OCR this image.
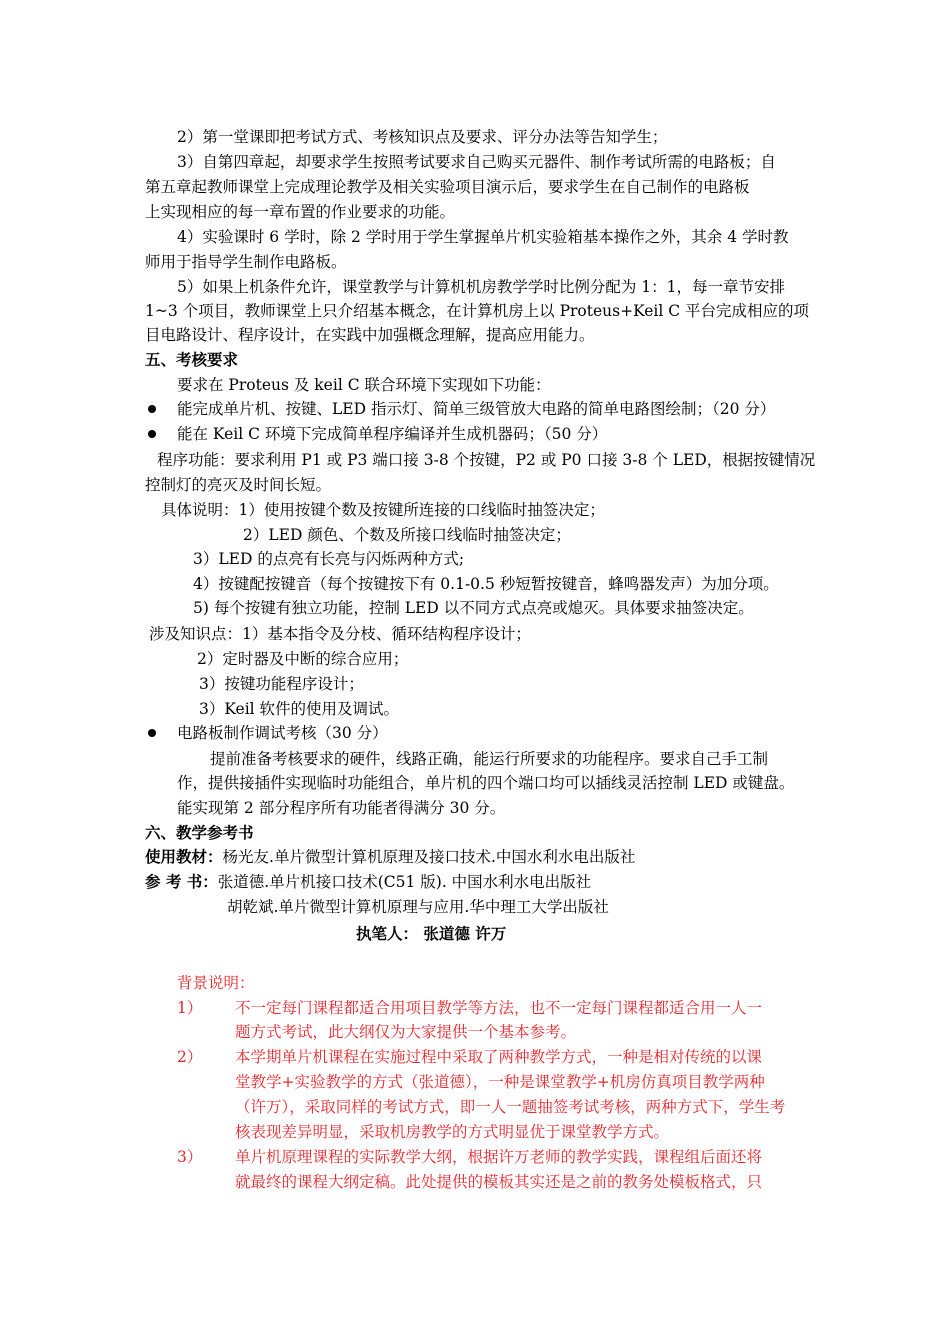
2）第一堂课即把考试方式、考核知识点及要求、评分办法等告知学生；
3）自第四章起，却要求学生按照考试要求自己购买元器件、制作考试所需的电路板；自
第五章起教师课堂上完成理论教学及相关实验项目演示后，要求学生在自己制作的电路板
上实现相应的每一章布置的作业要求的功能。
4）实验课时 6 学时，除 2 学时用于学生掌握单片机实验箱基本操作之外，其余 4 学时教
师用于指导学生制作电路板。
5）如果上机条件允许，课堂教学与计算机机房教学学时比例分配为 1：1，每一章节安排
1~3 个项目，教师课堂上只介绍基本概念，在计算机房上以 Proteus+Keil C 平台完成相应的项
目电路设计、程序设计，在实践中加强概念理解，提高应用能力。
五、考核要求
要求在 Proteus 及 keil C 联合环境下实现如下功能：
能完成单片机、按键、LED 指示灯、简单三级管放大电路的简单电路图绘制；（20 分）
能在 Keil C 环境下完成简单程序编译并生成机器码；（50 分）
程序功能：要求利用 P1 或 P3 端口接 3-8 个按键，P2 或 P0 口接 3-8 个 LED，根据按键情况
控制灯的亮灭及时间长短。
具体说明：1）使用按键个数及按键所连接的口线临时抽签决定；
2）LED 颜色、个数及所接口线临时抽签决定；
3）LED 的点亮有长亮与闪烁两种方式;
4）按键配按键音（每个按键按下有 0.1-0.5 秒短暂按键音，蜂鸣器发声）为加分项。
5) 每个按键有独立功能，控制 LED 以不同方式点亮或熄灭。具体要求抽签决定。
涉及知识点：1）基本指令及分枝、循环结构程序设计；
2）定时器及中断的综合应用；
3）按键功能程序设计；
3）Keil 软件的使用及调试。
电路板制作调试考核（30 分）
提前准备考核要求的硬件，线路正确，能运行所要求的功能程序。要求自己手工制
作，提供接插件实现临时功能组合，单片机的四个端口均可以插线灵活控制 LED 或键盘。
能实现第 2 部分程序所有功能者得满分 30 分。
六、教学参考书
使用教材：杨光友.单片微型计算机原理及接口技术.中国水利水电出版社
参 考 书：张道德.单片机接口技术(C51 版). 中国水利水电出版社
胡乾斌.单片微型计算机原理与应用.华中理工大学出版社
执笔人： 张道德 许万
背景说明：
1） 不一定每门课程都适合用项目教学等方法，也不一定每门课程都适合用一人一
题方式考试，此大纲仅为大家提供一个基本参考。
2） 本学期单片机课程在实施过程中采取了两种教学方式，一种是相对传统的以课
堂教学+实验教学的方式（张道德），一种是课堂教学+机房仿真项目教学两种
（许万），采取同样的考试方式，即一人一题抽签考试考核，两种方式下，学生考
核表现差异明显，采取机房教学的方式明显优于课堂教学方式。
3） 单片机原理课程的实际教学大纲，根据许万老师的教学实践，课程组后面还将
就最终的课程大纲定稿。此处提供的模板其实还是之前的教务处模板格式，只
